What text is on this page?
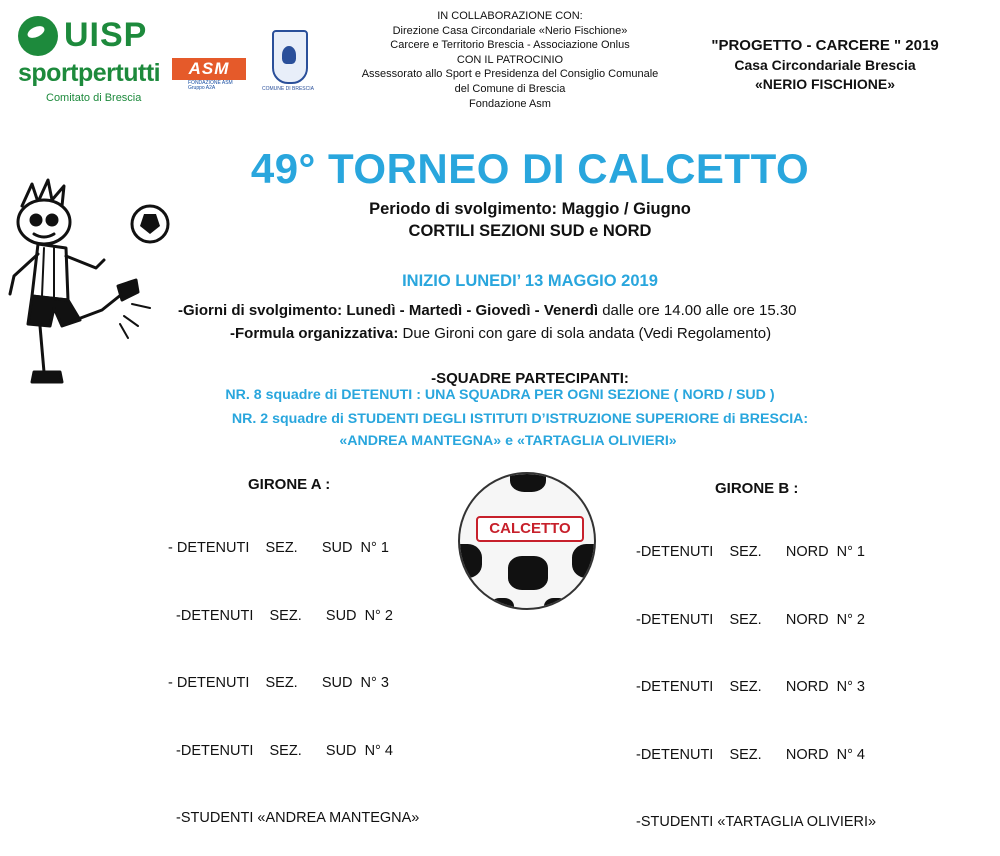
UISP
sportpertutti
Comitato di Brescia
ASM
FONDAZIONE ASM
Gruppo A2A	COMUNE DI BRESCIA
IN COLLABORAZIONE CON:
Direzione Casa Circondariale «Nerio Fischione»
Carcere e Territorio Brescia - Associazione Onlus
CON IL PATROCINIO
Assessorato allo Sport e Presidenza del Consiglio Comunale
del Comune di Brescia
Fondazione Asm
"PROGETTO - CARCERE " 2019
Casa Circondariale Brescia
«NERIO FISCHIONE»
49° TORNEO DI CALCETTO
Periodo di svolgimento: Maggio / Giugno
CORTILI SEZIONI SUD e NORD
INIZIO LUNEDI’ 13 MAGGIO 2019
-Giorni di svolgimento: Lunedì - Martedì - Giovedì - Venerdì dalle ore 14.00 alle ore 15.30
-Formula organizzativa: Due Gironi con gare di sola andata (Vedi Regolamento)
-SQUADRE PARTECIPANTI:
NR. 8 squadre di DETENUTI : UNA SQUADRA PER OGNI SEZIONE ( NORD / SUD )
NR. 2 squadre di STUDENTI DEGLI ISTITUTI D’ISTRUZIONE SUPERIORE di BRESCIA:
«ANDREA MANTEGNA» e «TARTAGLIA OLIVIERI»
GIRONE A :

- DETENUTI    SEZ.      SUD  N° 1

-DETENUTI    SEZ.      SUD  N° 2

- DETENUTI    SEZ.      SUD  N° 3

-DETENUTI    SEZ.      SUD  N° 4

-STUDENTI «ANDREA MANTEGNA»

CALCETTO
GIRONE B :

-DETENUTI    SEZ.      NORD  N° 1

-DETENUTI    SEZ.      NORD  N° 2

-DETENUTI    SEZ.      NORD  N° 3

-DETENUTI    SEZ.      NORD  N° 4

-STUDENTI «TARTAGLIA OLIVIERI»
